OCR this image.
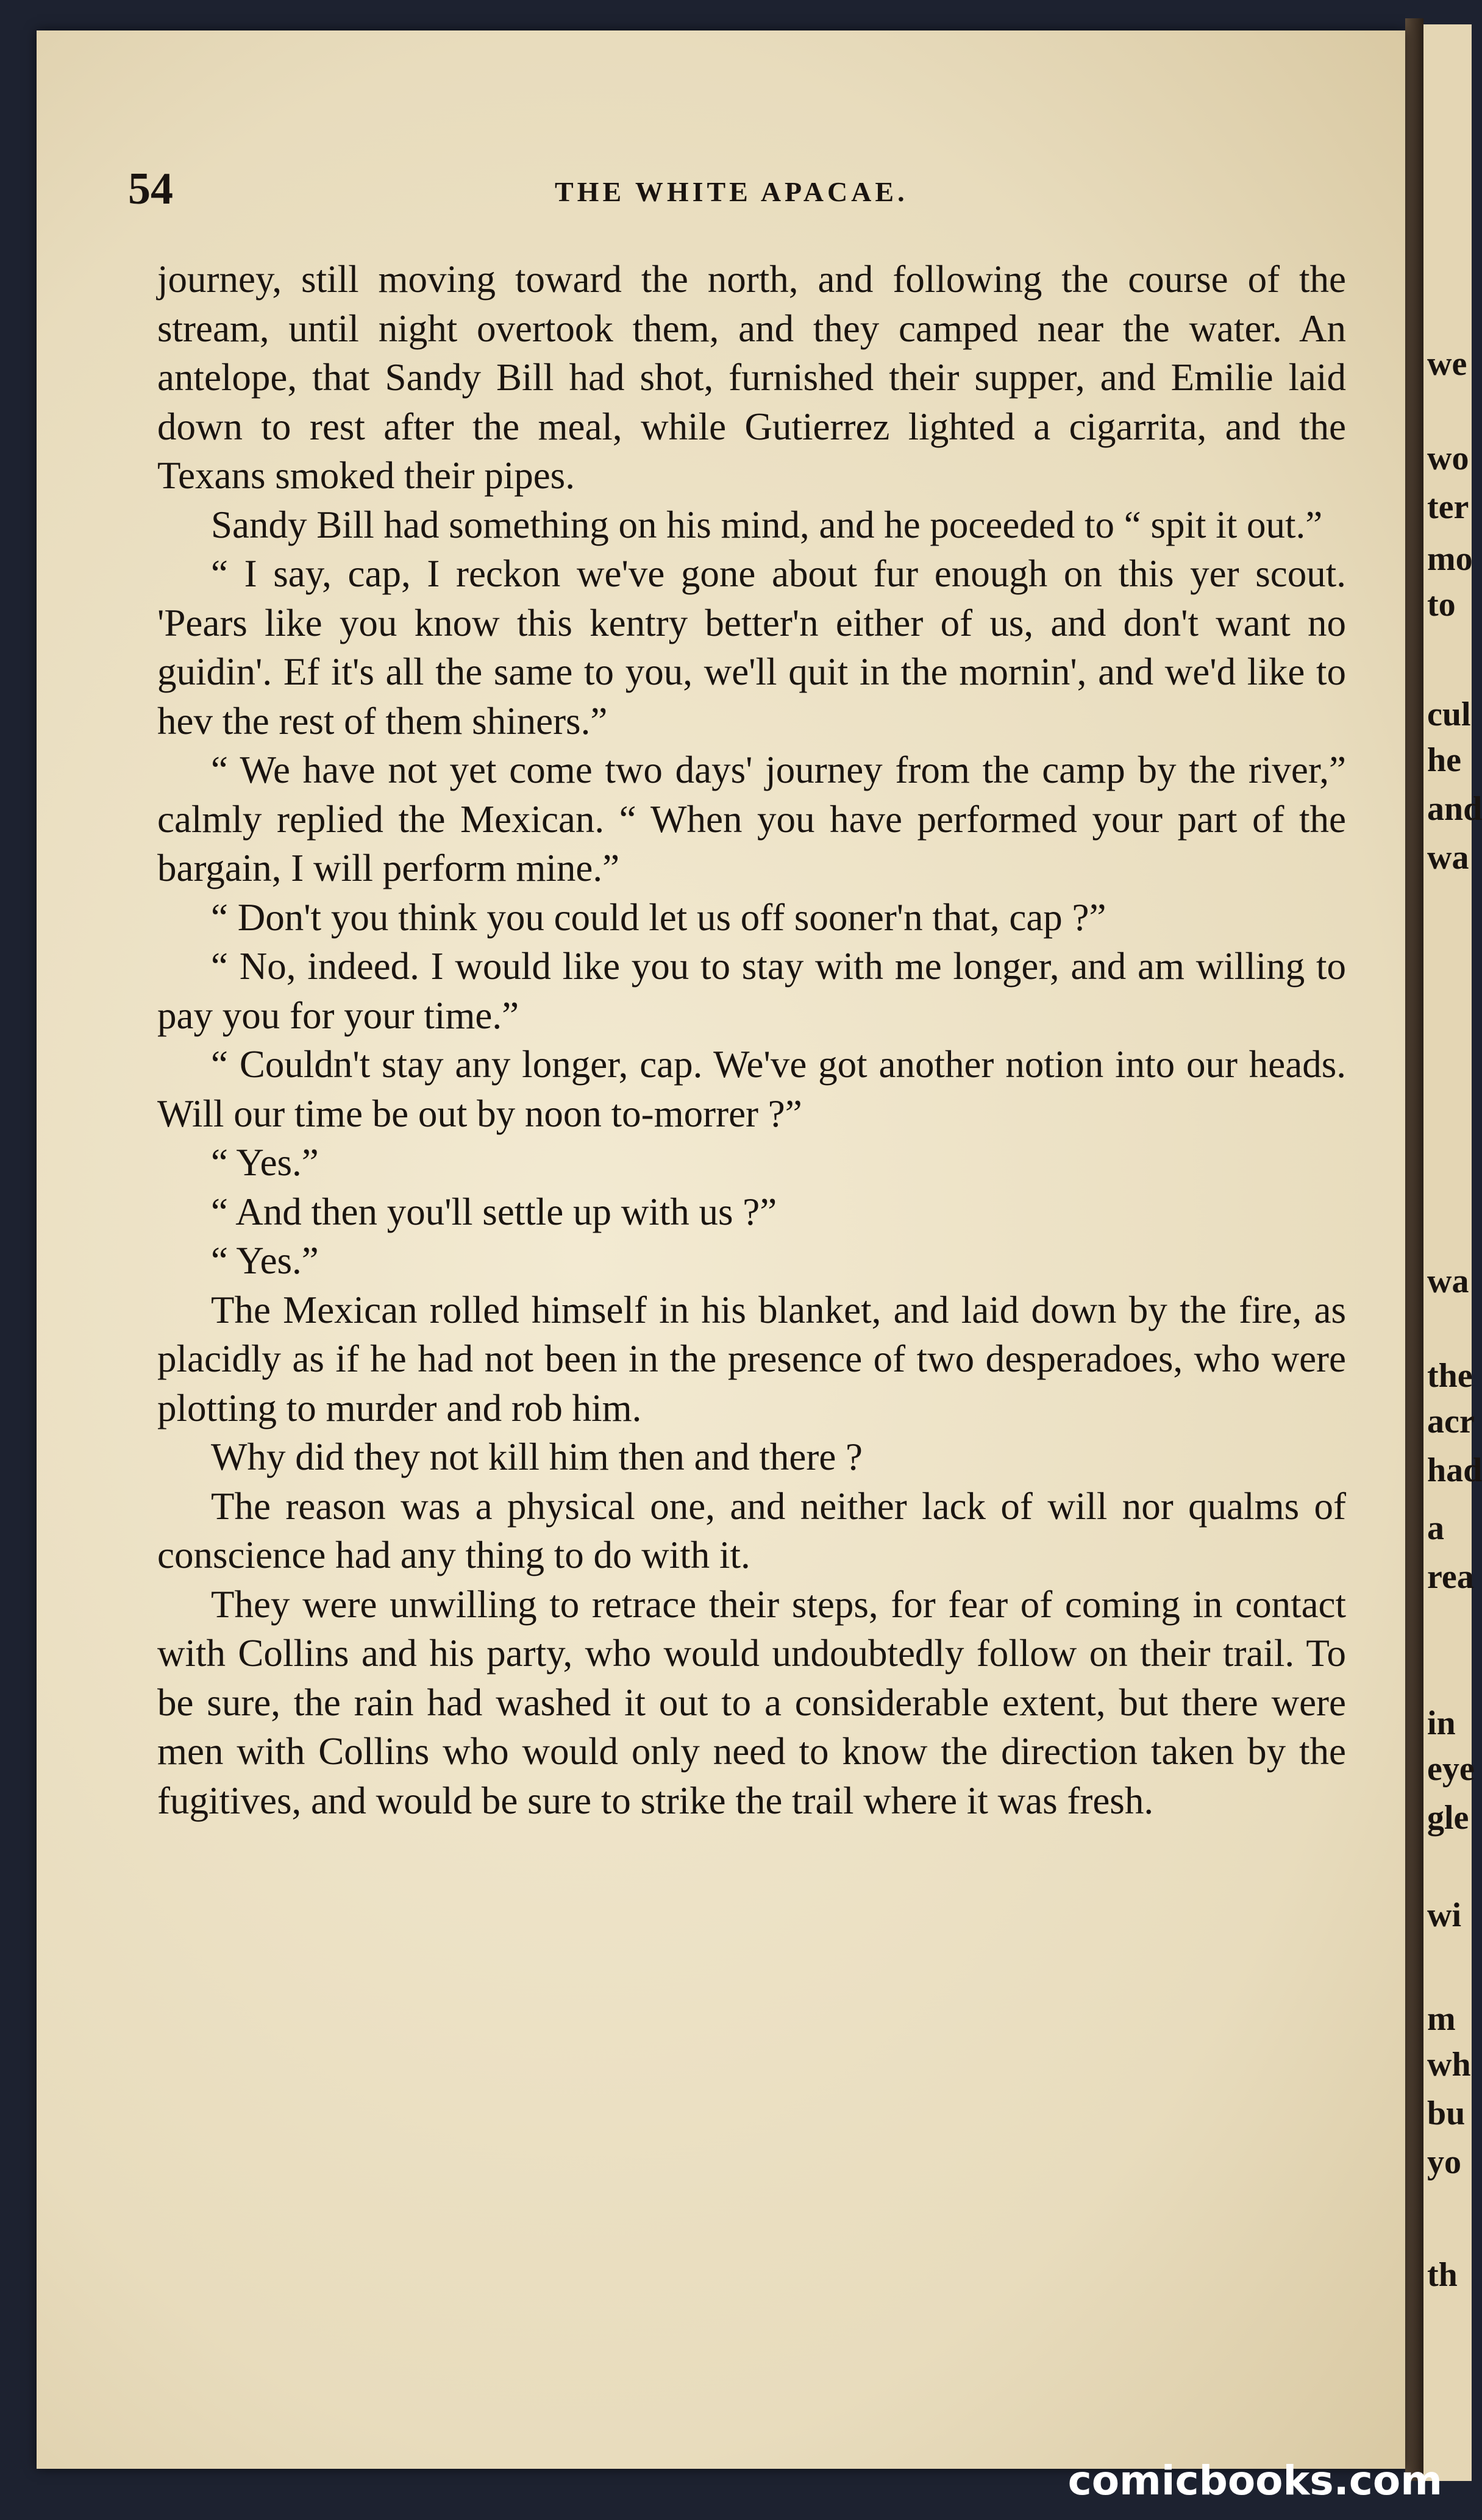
we
wo
ter
mo
to
cul
he
and
wa
wa
the
acr
had
a
rea
in
eye
gle
wi
m
wh
bu
yo
th
54	THE WHITE APACAE.

journey, still moving toward the north, and following the course of the stream, until night overtook them, and they camped near the water. An antelope, that Sandy Bill had shot, furnished their supper, and Emilie laid down to rest after the meal, while Gutierrez lighted a cigarrita, and the Texans smoked their pipes.

Sandy Bill had something on his mind, and he poceeded to “ spit it out.”

“ I say, cap, I reckon we've gone about fur enough on this yer scout. 'Pears like you know this kentry better'n either of us, and don't want no guidin'. Ef it's all the same to you, we'll quit in the mornin', and we'd like to hev the rest of them shiners.”

“ We have not yet come two days' journey from the camp by the river,” calmly replied the Mexican. “ When you have performed your part of the bargain, I will perform mine.”

“ Don't you think you could let us off sooner'n that, cap ?”

“ No, indeed. I would like you to stay with me longer, and am willing to pay you for your time.”

“ Couldn't stay any longer, cap. We've got another notion into our heads. Will our time be out by noon to-morrer ?”

“ Yes.”

“ And then you'll settle up with us ?”

“ Yes.”

The Mexican rolled himself in his blanket, and laid down by the fire, as placidly as if he had not been in the presence of two desperadoes, who were plotting to murder and rob him.

Why did they not kill him then and there ?

The reason was a physical one, and neither lack of will nor qualms of conscience had any thing to do with it.

They were unwilling to retrace their steps, for fear of coming in contact with Collins and his party, who would undoubtedly follow on their trail. To be sure, the rain had washed it out to a considerable extent, but there were men with Collins who would only need to know the direction taken by the fugitives, and would be sure to strike the trail where it was fresh.

comicbooks.com
